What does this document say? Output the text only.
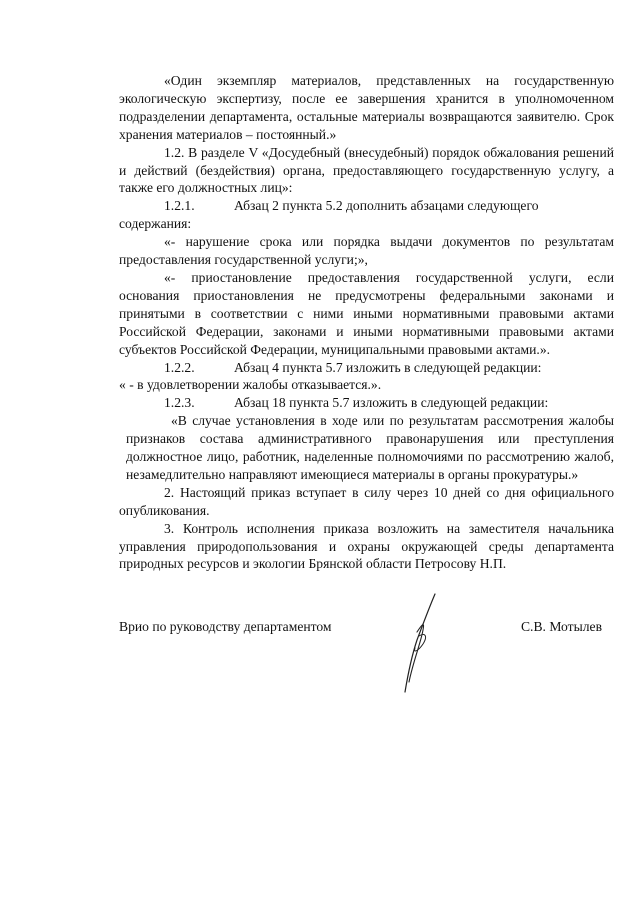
«Один экземпляр материалов, представленных на государственную экологическую экспертизу, после ее завершения хранится в уполномоченном подразделении департамента, остальные материалы возвращаются заявителю. Срок хранения материалов – постоянный.»

1.2. В разделе V «Досудебный (внесудебный) порядок обжалования решений и действий (бездействия) органа, предоставляющего государственную услугу, а также его должностных лиц»:

1.2.1.	Абзац 2 пункта 5.2 дополнить абзацами следующего

содержания:

«- нарушение срока или порядка выдачи документов по результатам предоставления государственной услуги;»,

«- приостановление предоставления государственной услуги, если основания приостановления не предусмотрены федеральными законами и принятыми в соответствии с ними иными нормативными правовыми актами Российской Федерации, законами и иными нормативными правовыми актами субъектов Российской Федерации, муниципальными правовыми актами.».

1.2.2.	Абзац 4 пункта 5.7 изложить в следующей редакции:

« - в удовлетворении жалобы отказывается.».

1.2.3.	Абзац 18 пункта 5.7 изложить в следующей редакции:

«В случае установления в ходе или по результатам рассмотрения жалобы признаков состава административного правонарушения или преступления должностное лицо, работник, наделенные полномочиями по рассмотрению жалоб, незамедлительно направляют имеющиеся материалы в органы прокуратуры.»

2. Настоящий приказ вступает в силу через 10 дней со дня официального опубликования.

3. Контроль исполнения приказа возложить на заместителя начальника управления природопользования и охраны окружающей среды департамента природных ресурсов и экологии Брянской области Петросову Н.П.

Врио по руководству департаментом	С.В. Мотылев
